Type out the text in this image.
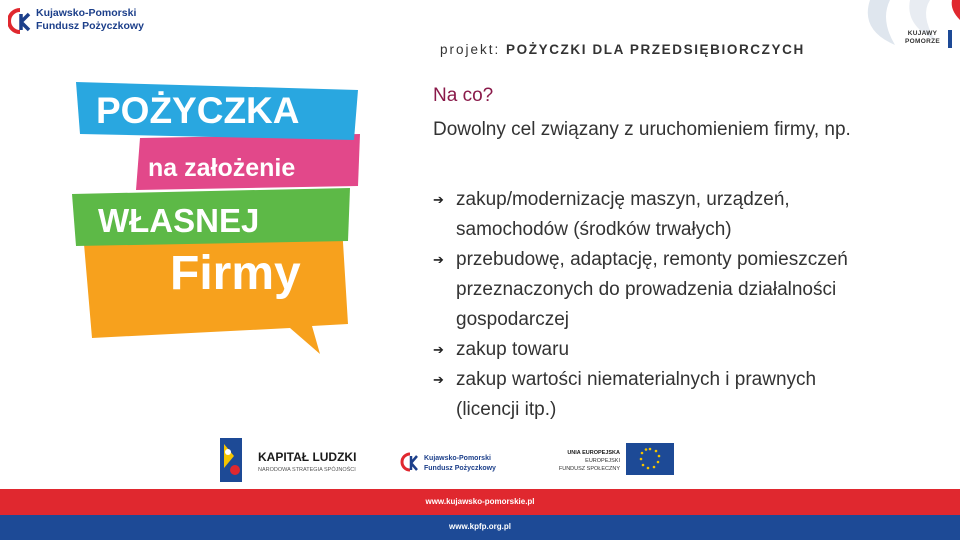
Kujawsko-Pomorski
Fundusz Pożyczkowy
KUJAWY
POMORZE
projekt: POŻYCZKI DLA PRZEDSIĘBIORCZYCH
POŻYCZKA
na założenie
WŁASNEJ
Firmy
Na co?
Dowolny cel związany z uruchomieniem firmy, np.
➔ zakup/modernizację maszyn, urządzeń, samochodów (środków trwałych)
➔ przebudowę, adaptację, remonty pomieszczeń przeznaczonych do prowadzenia działalności gospodarczej
➔ zakup towaru
➔ zakup wartości niematerialnych i prawnych (licencji itp.)
KAPITAŁ LUDZKI
NARODOWA STRATEGIA SPÓJNOŚCI
Kujawsko-Pomorski
Fundusz Pożyczkowy
UNIA EUROPEJSKA
EUROPEJSKI
FUNDUSZ SPOŁECZNY
www.kujawsko-pomorskie.pl
www.kpfp.org.pl
